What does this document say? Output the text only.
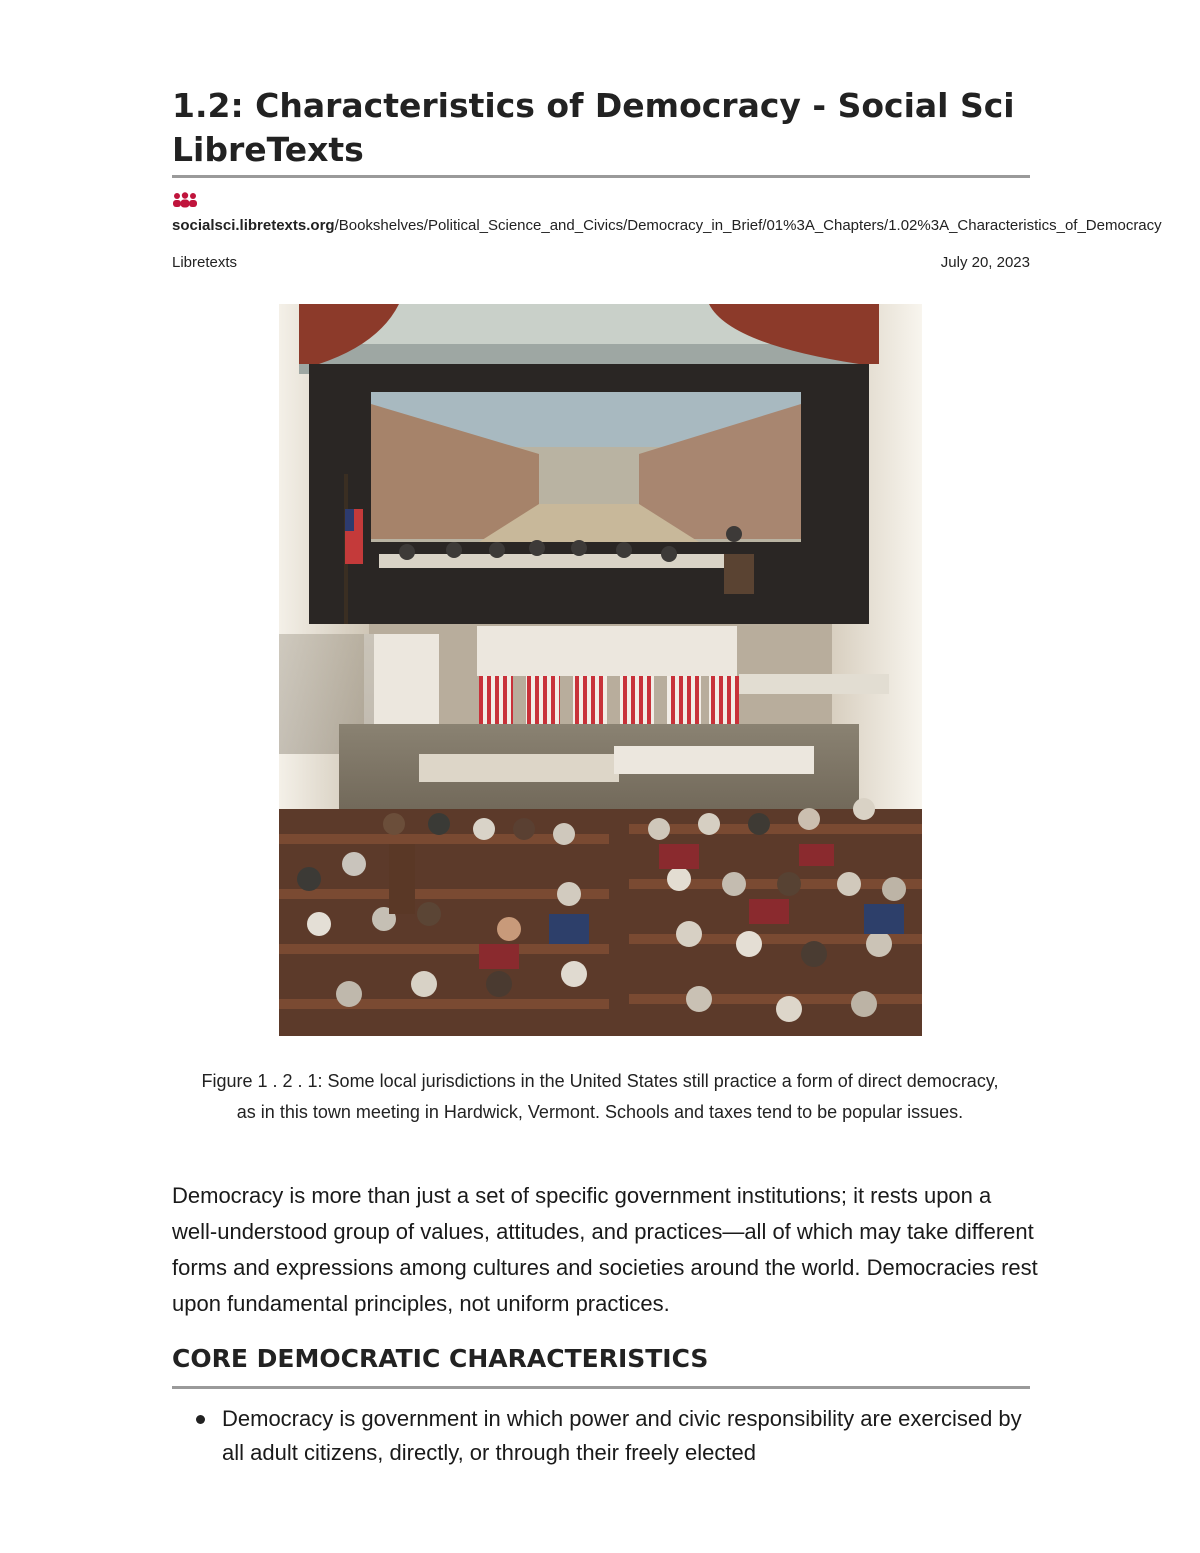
1.2: Characteristics of Democracy - Social Sci LibreTexts
socialsci.libretexts.org/Bookshelves/Political_Science_and_Civics/Democracy_in_Brief/01%3A_Chapters/1.02%3A_Characteristics_of_Democracy
Libretexts	July 20, 2023
Figure 1 . 2 . 1: Some local jurisdictions in the United States still practice a form of direct democracy, as in this town meeting in Hardwick, Vermont. Schools and taxes tend to be popular issues.

Democracy is more than just a set of specific government institutions; it rests upon a well-understood group of values, attitudes, and practices—all of which may take different forms and expressions among cultures and societies around the world. Democracies rest upon fundamental principles, not uniform practices.

CORE DEMOCRATIC CHARACTERISTICS
Democracy is government in which power and civic responsibility are exercised by all adult citizens, directly, or through their freely elected
